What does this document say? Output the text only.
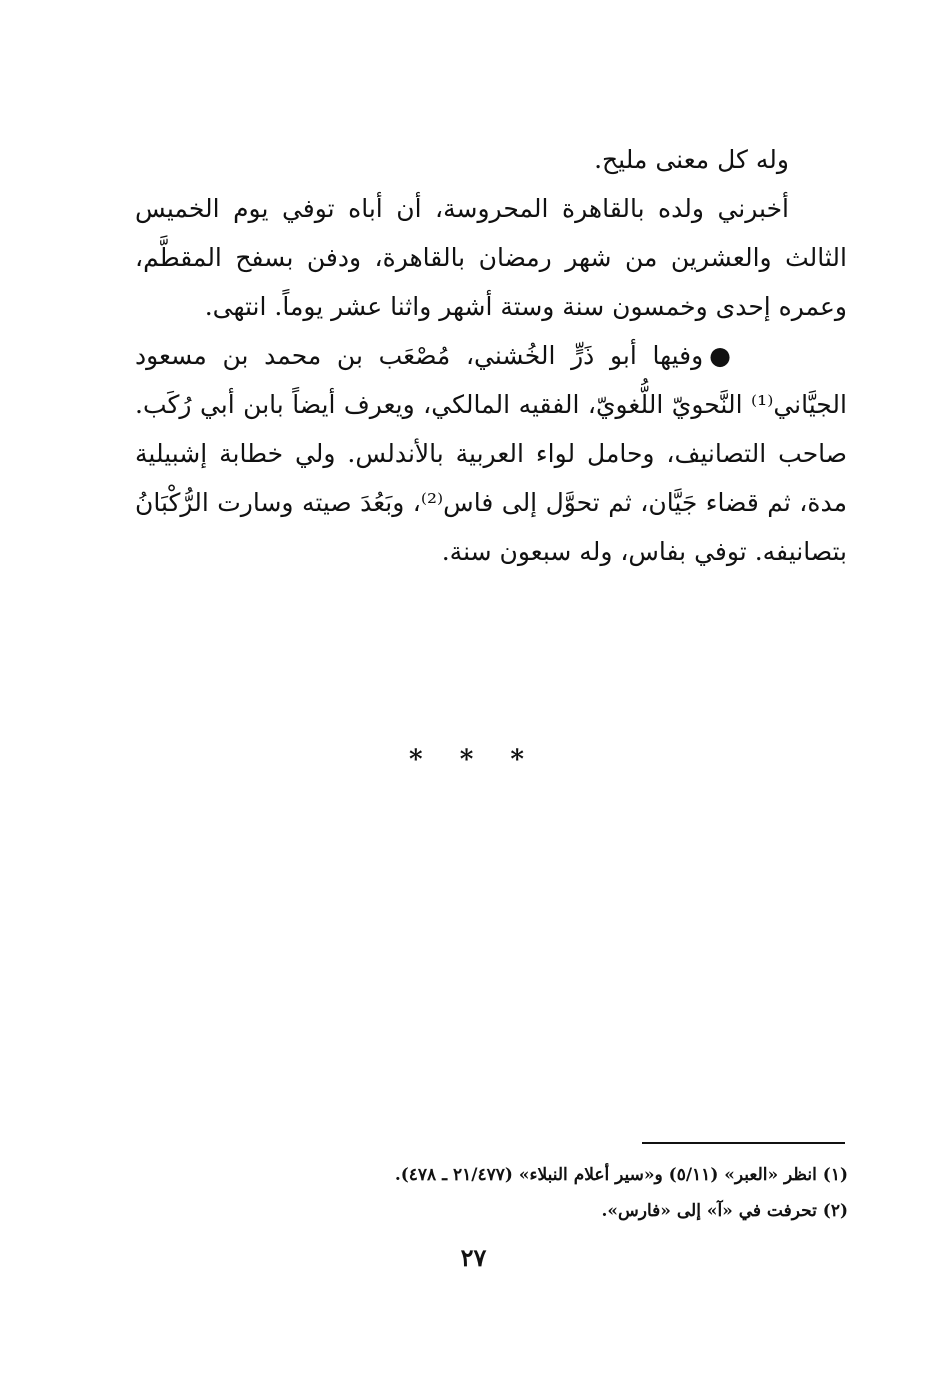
وله كل معنى مليح.

أخبرني ولده بالقاهرة المحروسة، أن أباه توفي يوم الخميس الثالث والعشرين من شهر رمضان بالقاهرة، ودفن بسفح المقطَّم، وعمره إحدى وخمسون سنة وستة أشهر واثنا عشر يوماً. انتهى.

●وفيها أبو ذَرٍّ الخُشني، مُصْعَب بن محمد بن مسعود الجيَّاني⁽¹⁾ النَّحويّ اللُّغويّ، الفقيه المالكي، ويعرف أيضاً بابن أبي رُكَب. صاحب التصانيف، وحامل لواء العربية بالأندلس. ولي خطابة إشبيلية مدة، ثم قضاء جَيَّان، ثم تحوَّل إلى فاس⁽²⁾، وبَعُدَ صيته وسارت الرُّكْبَانُ بتصانيفه. توفي بفاس، وله سبعون سنة.

* * *

(١) انظر «العبر» (٥/١١) و«سير أعلام النبلاء» (٢١/٤٧٧ ـ ٤٧٨).

(٢) تحرفت في «آ» إلى «فارس».

٢٧
